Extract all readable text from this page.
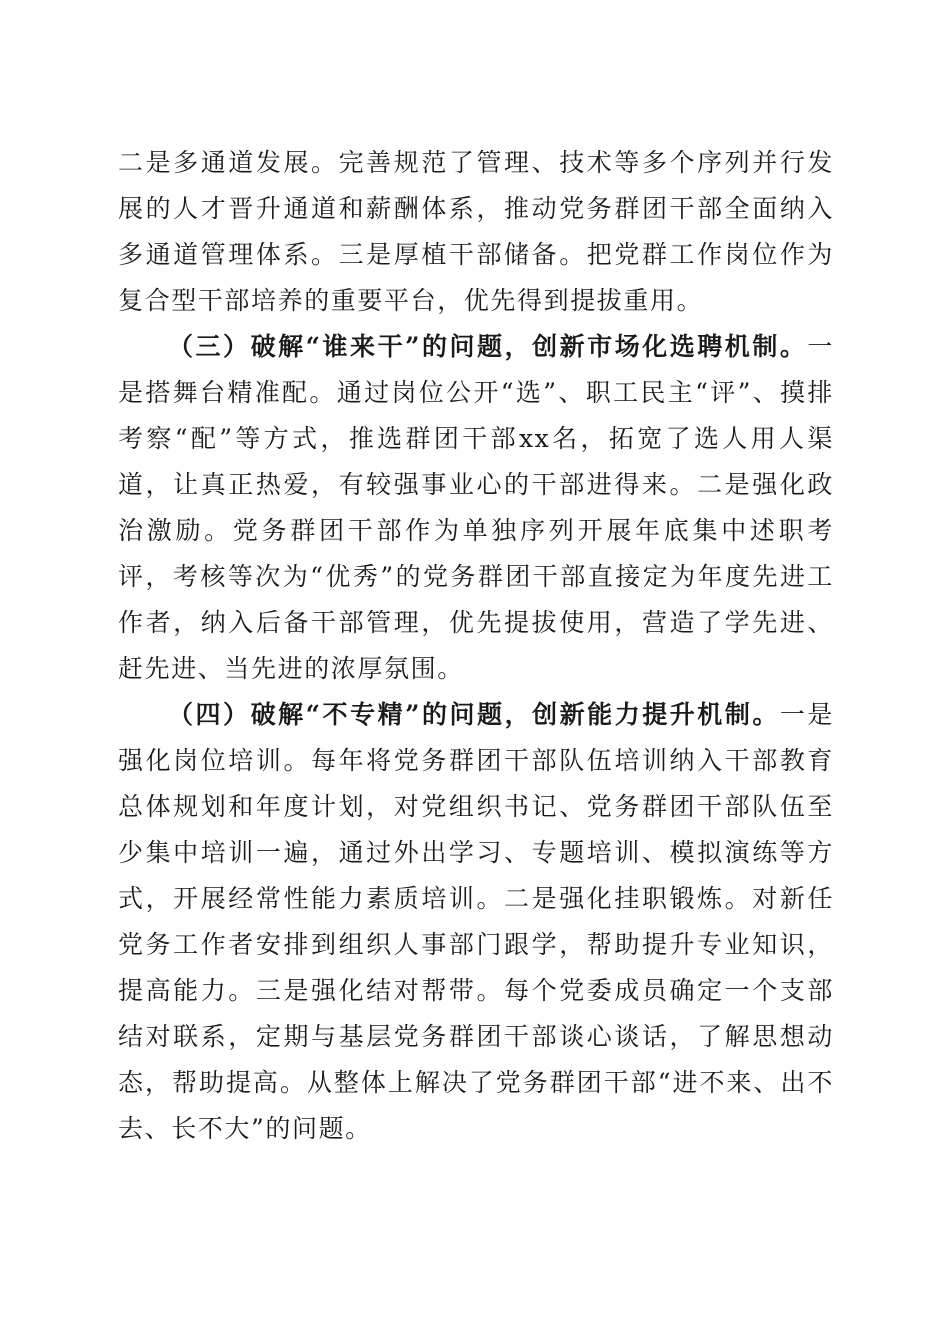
二是多通道发展。完善规范了管理、技术等多个序列并行发展的人才晋升通道和薪酬体系，推动党务群团干部全面纳入多通道管理体系。三是厚植干部储备。把党群工作岗位作为复合型干部培养的重要平台，优先得到提拔重用。

（三）破解“谁来干”的问题，创新市场化选聘机制。一是搭舞台精准配。通过岗位公开“选”、职工民主“评”、摸排考察“配”等方式，推选群团干部xx名，拓宽了选人用人渠道，让真正热爱，有较强事业心的干部进得来。二是强化政治激励。党务群团干部作为单独序列开展年底集中述职考评，考核等次为“优秀”的党务群团干部直接定为年度先进工作者，纳入后备干部管理，优先提拔使用，营造了学先进、赶先进、当先进的浓厚氛围。

（四）破解“不专精”的问题，创新能力提升机制。一是强化岗位培训。每年将党务群团干部队伍培训纳入干部教育总体规划和年度计划，对党组织书记、党务群团干部队伍至少集中培训一遍，通过外出学习、专题培训、模拟演练等方式，开展经常性能力素质培训。二是强化挂职锻炼。对新任党务工作者安排到组织人事部门跟学，帮助提升专业知识，提高能力。三是强化结对帮带。每个党委成员确定一个支部结对联系，定期与基层党务群团干部谈心谈话，了解思想动态，帮助提高。从整体上解决了党务群团干部“进不来、出不去、长不大”的问题。
